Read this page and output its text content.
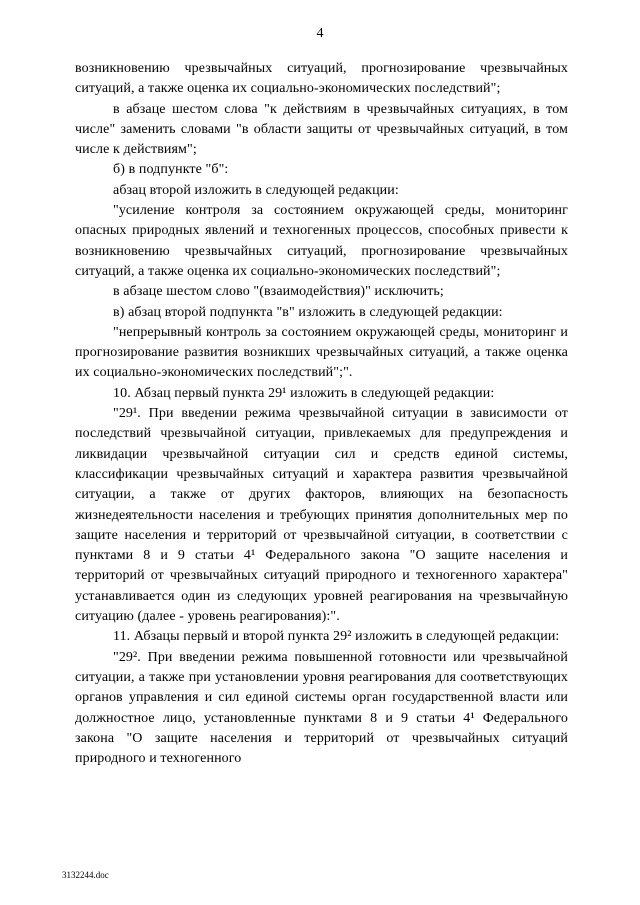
4

возникновению чрезвычайных ситуаций, прогнозирование чрезвычайных ситуаций, а также оценка их социально-экономических последствий";

в абзаце шестом слова "к действиям в чрезвычайных ситуациях, в том числе" заменить словами "в области защиты от чрезвычайных ситуаций, в том числе к действиям";

б) в подпункте "б":

абзац второй изложить в следующей редакции:

"усиление контроля за состоянием окружающей среды, мониторинг опасных природных явлений и техногенных процессов, способных привести к возникновению чрезвычайных ситуаций, прогнозирование чрезвычайных ситуаций, а также оценка их социально-экономических последствий";

в абзаце шестом слово "(взаимодействия)" исключить;

в) абзац второй подпункта "в" изложить в следующей редакции:

"непрерывный контроль за состоянием окружающей среды, мониторинг и прогнозирование развития возникших чрезвычайных ситуаций, а также оценка их социально-экономических последствий";".

10. Абзац первый пункта 29¹ изложить в следующей редакции:

"29¹. При введении режима чрезвычайной ситуации в зависимости от последствий чрезвычайной ситуации, привлекаемых для предупреждения и ликвидации чрезвычайной ситуации сил и средств единой системы, классификации чрезвычайных ситуаций и характера развития чрезвычайной ситуации, а также от других факторов, влияющих на безопасность жизнедеятельности населения и требующих принятия дополнительных мер по защите населения и территорий от чрезвычайной ситуации, в соответствии с пунктами 8 и 9 статьи 4¹ Федерального закона "О защите населения и территорий от чрезвычайных ситуаций природного и техногенного характера" устанавливается один из следующих уровней реагирования на чрезвычайную ситуацию (далее - уровень реагирования):".

11. Абзацы первый и второй пункта 29² изложить в следующей редакции:

"29². При введении режима повышенной готовности или чрезвычайной ситуации, а также при установлении уровня реагирования для соответствующих органов управления и сил единой системы орган государственной власти или должностное лицо, установленные пунктами 8 и 9 статьи 4¹ Федерального закона "О защите населения и территорий от чрезвычайных ситуаций природного и техногенного

3132244.doc
